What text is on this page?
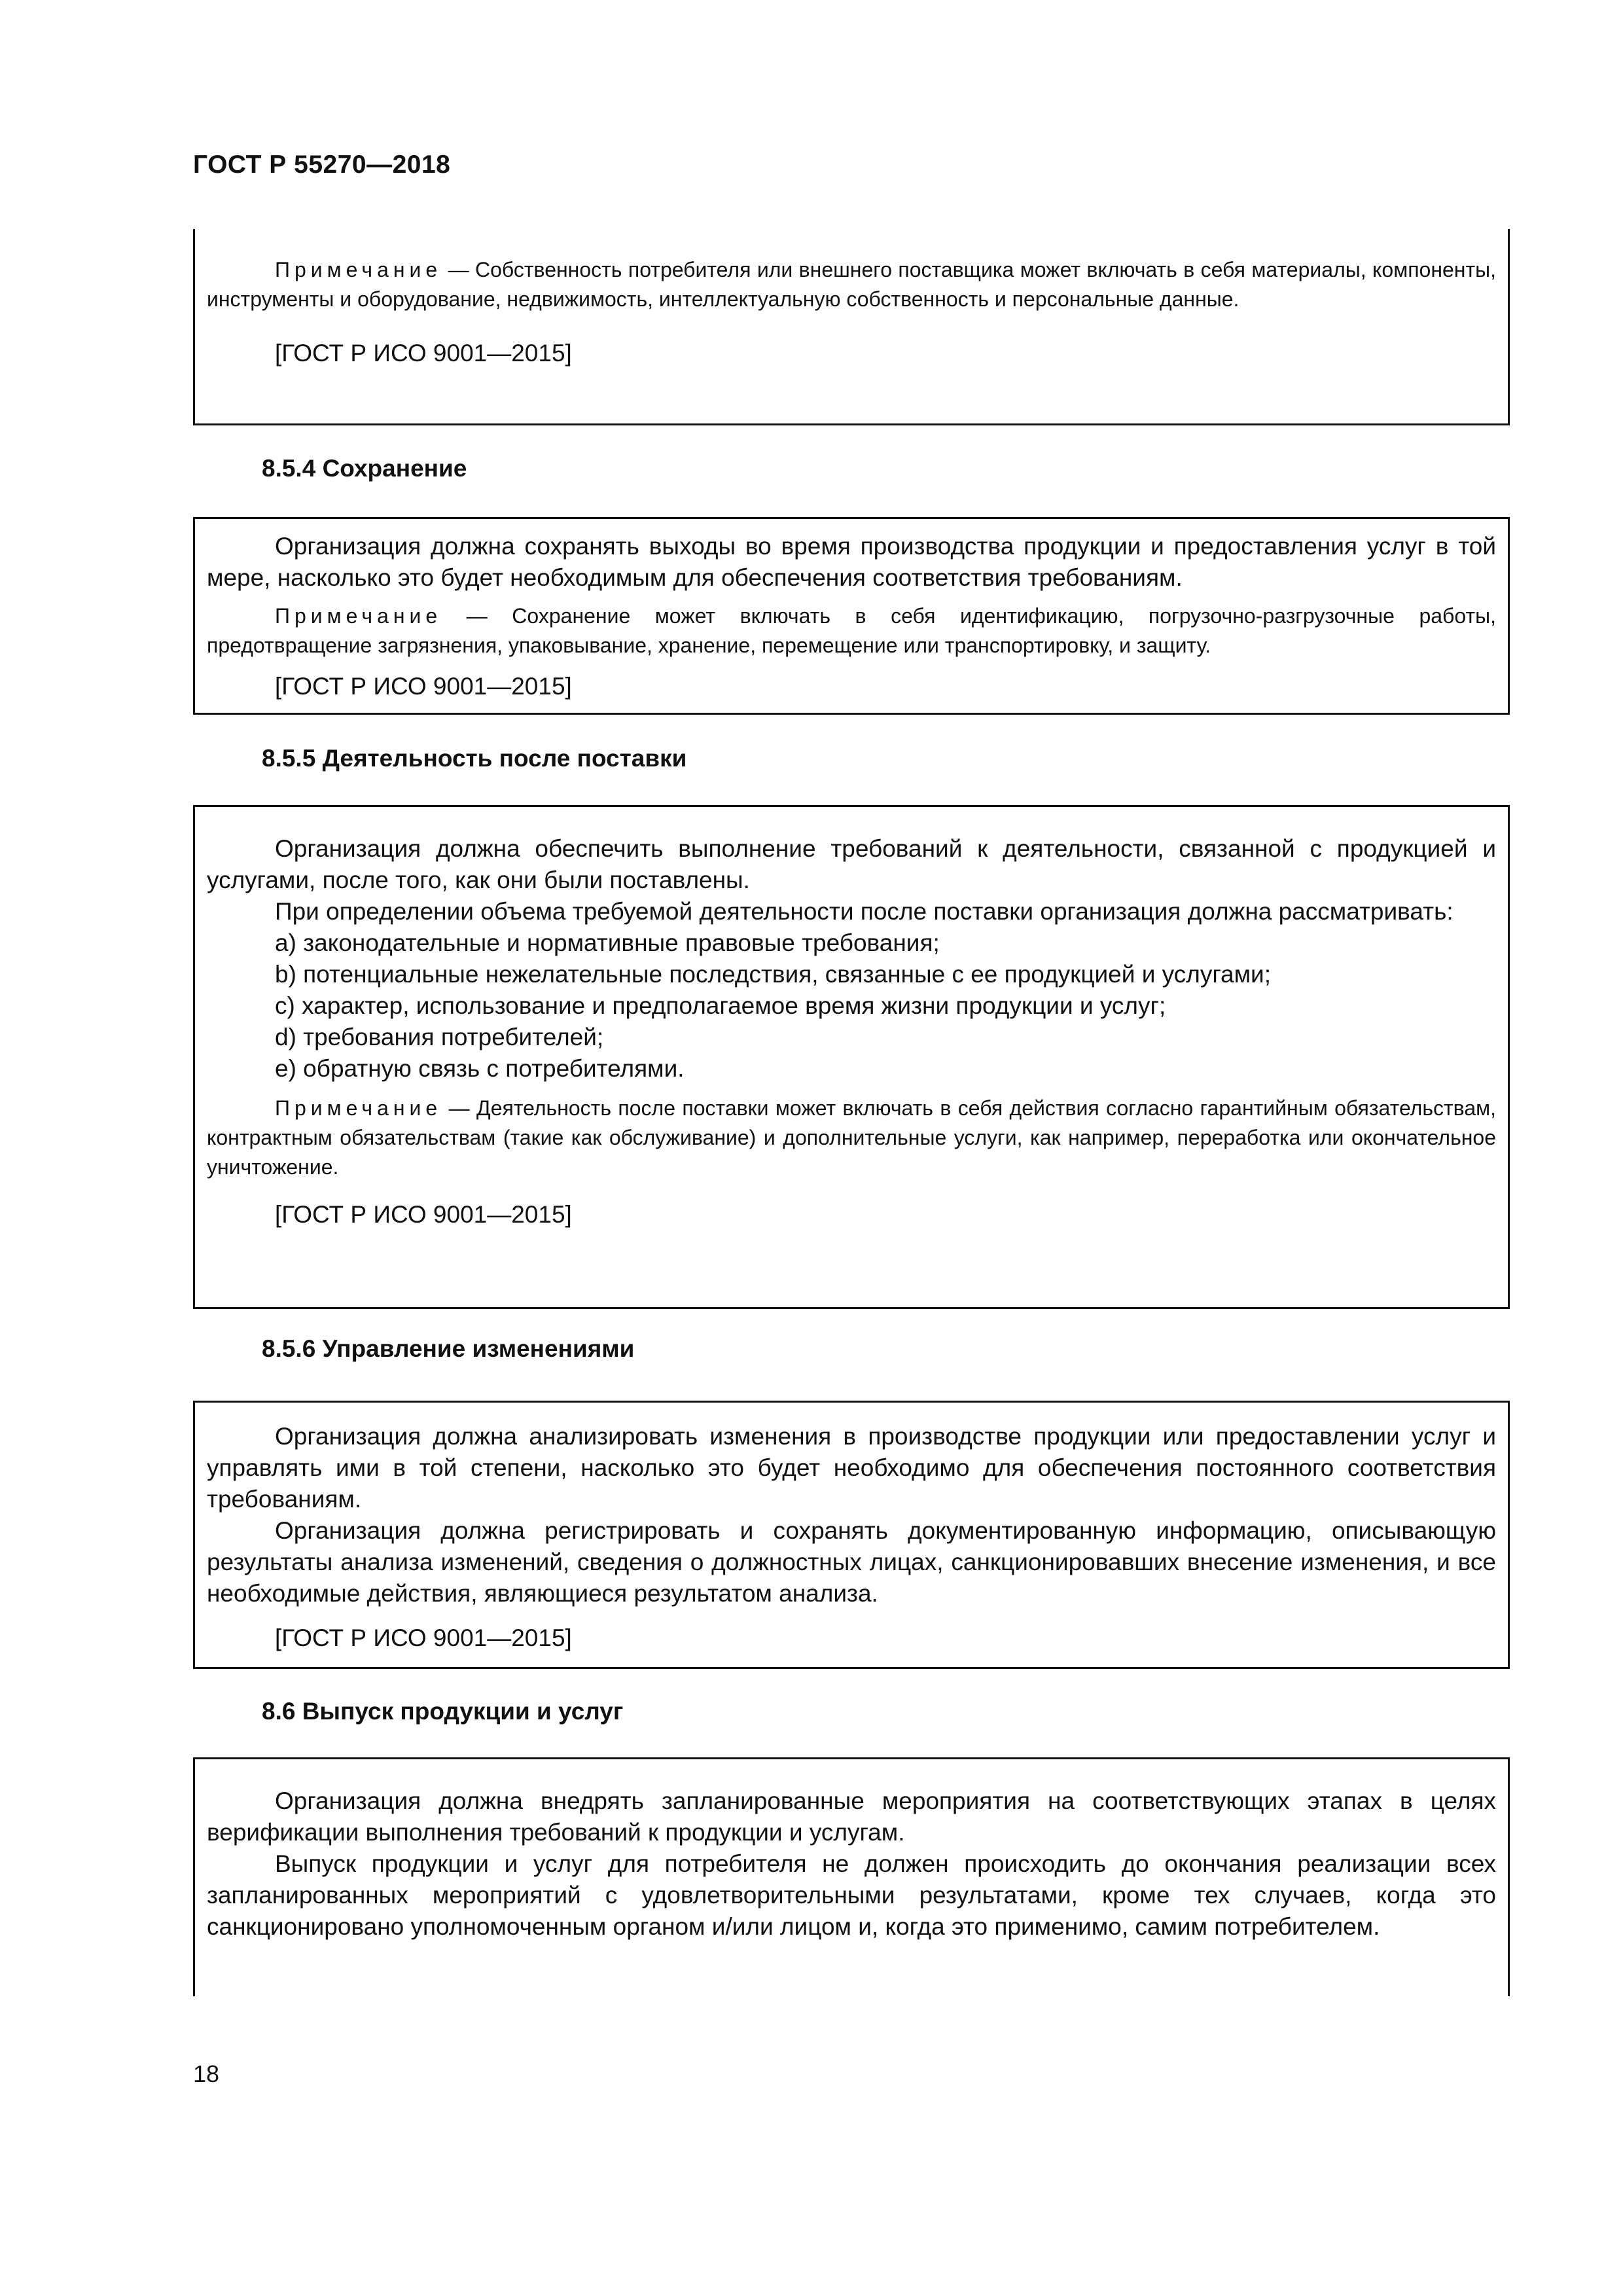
ГОСТ Р 55270—2018

Примечание — Собственность потребителя или внешнего поставщика может включать в себя материалы, компоненты, инструменты и оборудование, недвижимость, интеллектуальную собственность и персональные данные.

[ГОСТ Р ИСО 9001—2015]

8.5.4 Сохранение

Организация должна сохранять выходы во время производства продукции и предоставления услуг в той мере, насколько это будет необходимым для обеспечения соответствия требованиям.

Примечание — Сохранение может включать в себя идентификацию, погрузочно-разгрузочные работы, предотвращение загрязнения, упаковывание, хранение, перемещение или транспортировку, и защиту.

[ГОСТ Р ИСО 9001—2015]

8.5.5 Деятельность после поставки

Организация должна обеспечить выполнение требований к деятельности, связанной с продукцией и услугами, после того, как они были поставлены.

При определении объема требуемой деятельности после поставки организация должна рассматривать:

a) законодательные и нормативные правовые требования;

b) потенциальные нежелательные последствия, связанные с ее продукцией и услугами;

c) характер, использование и предполагаемое время жизни продукции и услуг;

d) требования потребителей;

e) обратную связь с потребителями.

Примечание — Деятельность после поставки может включать в себя действия согласно гарантийным обязательствам, контрактным обязательствам (такие как обслуживание) и дополнительные услуги, как например, переработка или окончательное уничтожение.

[ГОСТ Р ИСО 9001—2015]

8.5.6 Управление изменениями

Организация должна анализировать изменения в производстве продукции или предоставлении услуг и управлять ими в той степени, насколько это будет необходимо для обеспечения постоянного соответствия требованиям.

Организация должна регистрировать и сохранять документированную информацию, описывающую результаты анализа изменений, сведения о должностных лицах, санкционировавших внесение изменения, и все необходимые действия, являющиеся результатом анализа.

[ГОСТ Р ИСО 9001—2015]

8.6 Выпуск продукции и услуг

Организация должна внедрять запланированные мероприятия на соответствующих этапах в целях верификации выполнения требований к продукции и услугам.

Выпуск продукции и услуг для потребителя не должен происходить до окончания реализации всех запланированных мероприятий с удовлетворительными результатами, кроме тех случаев, когда это санкционировано уполномоченным органом и/или лицом и, когда это применимо, самим потребителем.

18
